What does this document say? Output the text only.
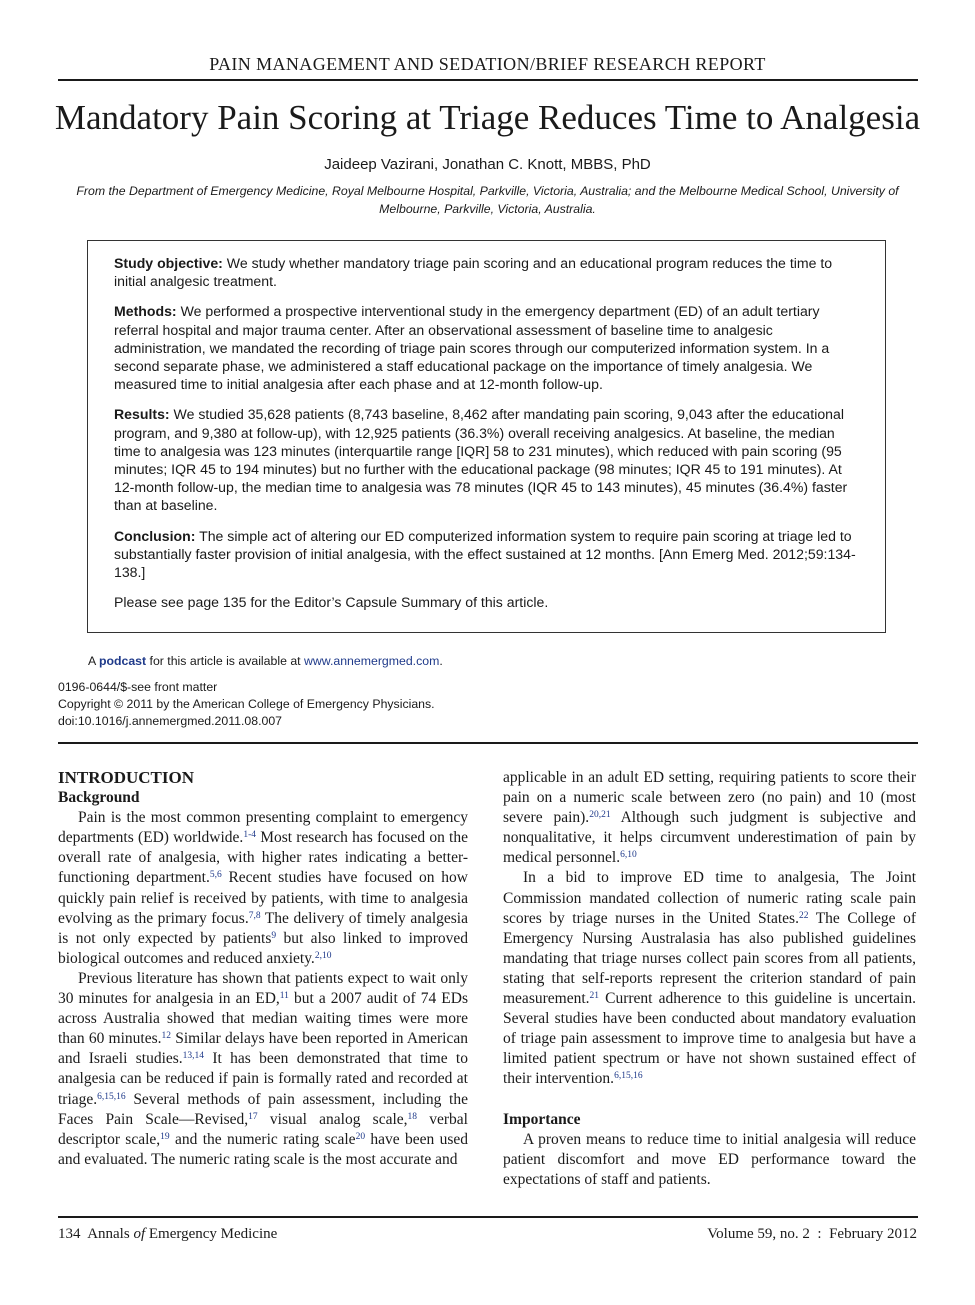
PAIN MANAGEMENT AND SEDATION/BRIEF RESEARCH REPORT
Mandatory Pain Scoring at Triage Reduces Time to Analgesia
Jaideep Vazirani, Jonathan C. Knott, MBBS, PhD
From the Department of Emergency Medicine, Royal Melbourne Hospital, Parkville, Victoria, Australia; and the Melbourne Medical School, University of Melbourne, Parkville, Victoria, Australia.

Study objective: We study whether mandatory triage pain scoring and an educational program reduces the time to initial analgesic treatment.

Methods: We performed a prospective interventional study in the emergency department (ED) of an adult tertiary referral hospital and major trauma center. After an observational assessment of baseline time to analgesic administration, we mandated the recording of triage pain scores through our computerized information system. In a second separate phase, we administered a staff educational package on the importance of timely analgesia. We measured time to initial analgesia after each phase and at 12-month follow-up.

Results: We studied 35,628 patients (8,743 baseline, 8,462 after mandating pain scoring, 9,043 after the educational program, and 9,380 at follow-up), with 12,925 patients (36.3%) overall receiving analgesics. At baseline, the median time to analgesia was 123 minutes (interquartile range [IQR] 58 to 231 minutes), which reduced with pain scoring (95 minutes; IQR 45 to 194 minutes) but no further with the educational package (98 minutes; IQR 45 to 191 minutes). At 12-month follow-up, the median time to analgesia was 78 minutes (IQR 45 to 143 minutes), 45 minutes (36.4%) faster than at baseline.

Conclusion: The simple act of altering our ED computerized information system to require pain scoring at triage led to substantially faster provision of initial analgesia, with the effect sustained at 12 months. [Ann Emerg Med. 2012;59:134-138.]

Please see page 135 for the Editor’s Capsule Summary of this article.

A podcast for this article is available at www.annemergmed.com.
0196-0644/$-see front matter
Copyright © 2011 by the American College of Emergency Physicians.
doi:10.1016/j.annemergmed.2011.08.007
INTRODUCTION
Background

Pain is the most common presenting complaint to emergency departments (ED) worldwide.$^{1-4}$ Most research has focused on the overall rate of analgesia, with higher rates indicating a better-functioning department.$^{5,6}$ Recent studies have focused on how quickly pain relief is received by patients, with time to analgesia evolving as the primary focus.$^{7,8}$ The delivery of timely analgesia is not only expected by patients$^9$ but also linked to improved biological outcomes and reduced anxiety.$^{2,10}$

Previous literature has shown that patients expect to wait only 30 minutes for analgesia in an ED,$^{11}$ but a 2007 audit of 74 EDs across Australia showed that median waiting times were more than 60 minutes.$^{12}$ Similar delays have been reported in American and Israeli studies.$^{13,14}$ It has been demonstrated that time to analgesia can be reduced if pain is formally rated and recorded at triage.$^{6,15,16}$ Several methods of pain assessment, including the Faces Pain Scale—Revised,$^{17}$ visual analog scale,$^{18}$ verbal descriptor scale,$^{19}$ and the numeric rating scale$^{20}$ have been used and evaluated. The numeric rating scale is the most accurate and

applicable in an adult ED setting, requiring patients to score their pain on a numeric scale between zero (no pain) and 10 (most severe pain).$^{20,21}$ Although such judgment is subjective and nonqualitative, it helps circumvent underestimation of pain by medical personnel.$^{6,10}$

In a bid to improve ED time to analgesia, The Joint Commission mandated collection of numeric rating scale pain scores by triage nurses in the United States.$^{22}$ The College of Emergency Nursing Australasia has also published guidelines mandating that triage nurses collect pain scores from all patients, stating that self-reports represent the criterion standard of pain measurement.$^{21}$ Current adherence to this guideline is uncertain. Several studies have been conducted about mandatory evaluation of triage pain assessment to improve time to analgesia but have a limited patient spectrum or have not shown sustained effect of their intervention.$^{6,15,16}$

Importance

A proven means to reduce time to initial analgesia will reduce patient discomfort and move ED performance toward the expectations of staff and patients.

134 Annals of Emergency Medicine	Volume 59, no. 2 : February 2012
